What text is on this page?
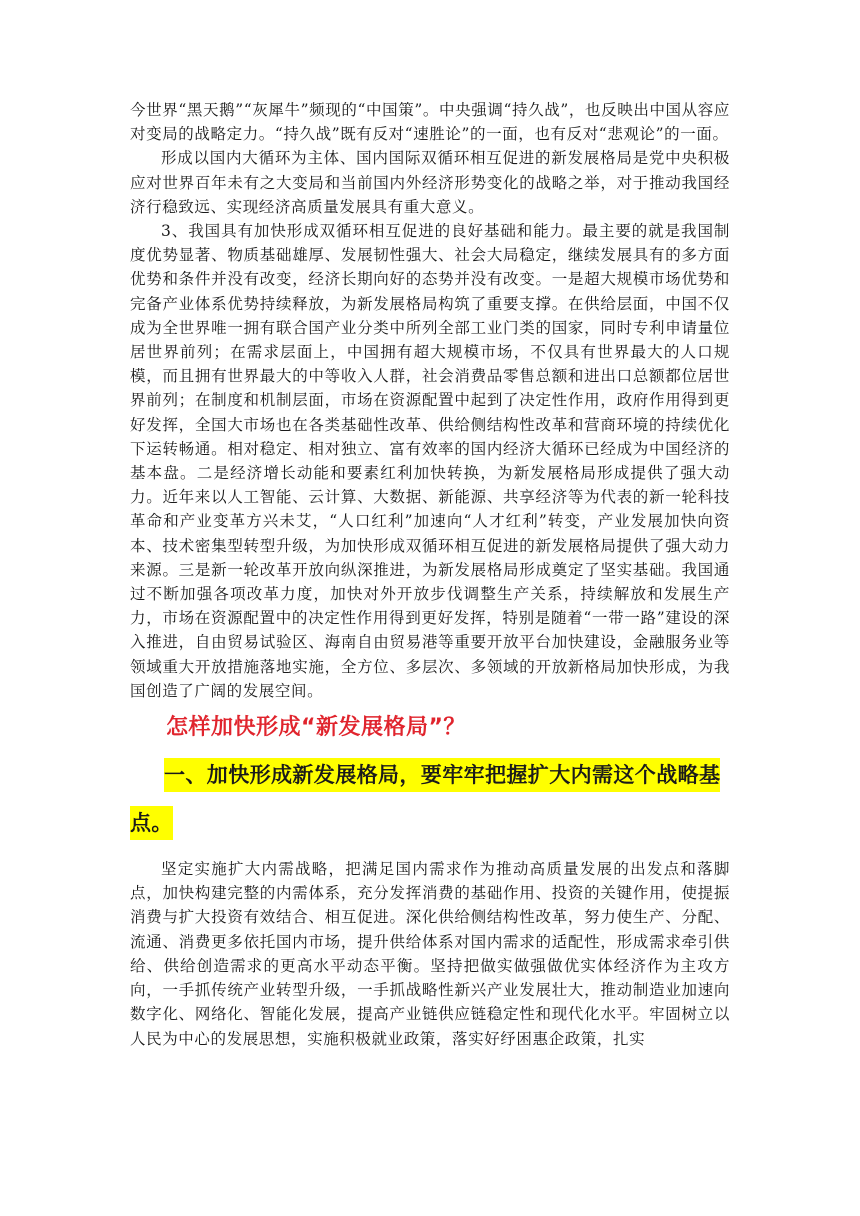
今世界“黑天鹅”“灰犀牛”频现的“中国策”。中央强调“持久战”，也反映出中国从容应对变局的战略定力。“持久战”既有反对“速胜论”的一面，也有反对“悲观论”的一面。

形成以国内大循环为主体、国内国际双循环相互促进的新发展格局是党中央积极应对世界百年未有之大变局和当前国内外经济形势变化的战略之举，对于推动我国经济行稳致远、实现经济高质量发展具有重大意义。

3、我国具有加快形成双循环相互促进的良好基础和能力。最主要的就是我国制度优势显著、物质基础雄厚、发展韧性强大、社会大局稳定，继续发展具有的多方面优势和条件并没有改变，经济长期向好的态势并没有改变。一是超大规模市场优势和完备产业体系优势持续释放，为新发展格局构筑了重要支撑。在供给层面，中国不仅成为全世界唯一拥有联合国产业分类中所列全部工业门类的国家，同时专利申请量位居世界前列；在需求层面上，中国拥有超大规模市场，不仅具有世界最大的人口规模，而且拥有世界最大的中等收入人群，社会消费品零售总额和进出口总额都位居世界前列；在制度和机制层面，市场在资源配置中起到了决定性作用，政府作用得到更好发挥，全国大市场也在各类基础性改革、供给侧结构性改革和营商环境的持续优化下运转畅通。相对稳定、相对独立、富有效率的国内经济大循环已经成为中国经济的基本盘。二是经济增长动能和要素红利加快转换，为新发展格局形成提供了强大动力。近年来以人工智能、云计算、大数据、新能源、共享经济等为代表的新一轮科技革命和产业变革方兴未艾，“人口红利”加速向“人才红利”转变，产业发展加快向资本、技术密集型转型升级，为加快形成双循环相互促进的新发展格局提供了强大动力来源。三是新一轮改革开放向纵深推进，为新发展格局形成奠定了坚实基础。我国通过不断加强各项改革力度，加快对外开放步伐调整生产关系，持续解放和发展生产力，市场在资源配置中的决定性作用得到更好发挥，特别是随着“一带一路”建设的深入推进，自由贸易试验区、海南自由贸易港等重要开放平台加快建设，金融服务业等领域重大开放措施落地实施，全方位、多层次、多领域的开放新格局加快形成，为我国创造了广阔的发展空间。

怎样加快形成“新发展格局”？
一、加快形成新发展格局，要牢牢把握扩大内需这个战略基点。

坚定实施扩大内需战略，把满足国内需求作为推动高质量发展的出发点和落脚点，加快构建完整的内需体系，充分发挥消费的基础作用、投资的关键作用，使提振消费与扩大投资有效结合、相互促进。深化供给侧结构性改革，努力使生产、分配、流通、消费更多依托国内市场，提升供给体系对国内需求的适配性，形成需求牵引供给、供给创造需求的更高水平动态平衡。坚持把做实做强做优实体经济作为主攻方向，一手抓传统产业转型升级，一手抓战略性新兴产业发展壮大，推动制造业加速向数字化、网络化、智能化发展，提高产业链供应链稳定性和现代化水平。牢固树立以人民为中心的发展思想，实施积极就业政策，落实好纾困惠企政策，扎实
